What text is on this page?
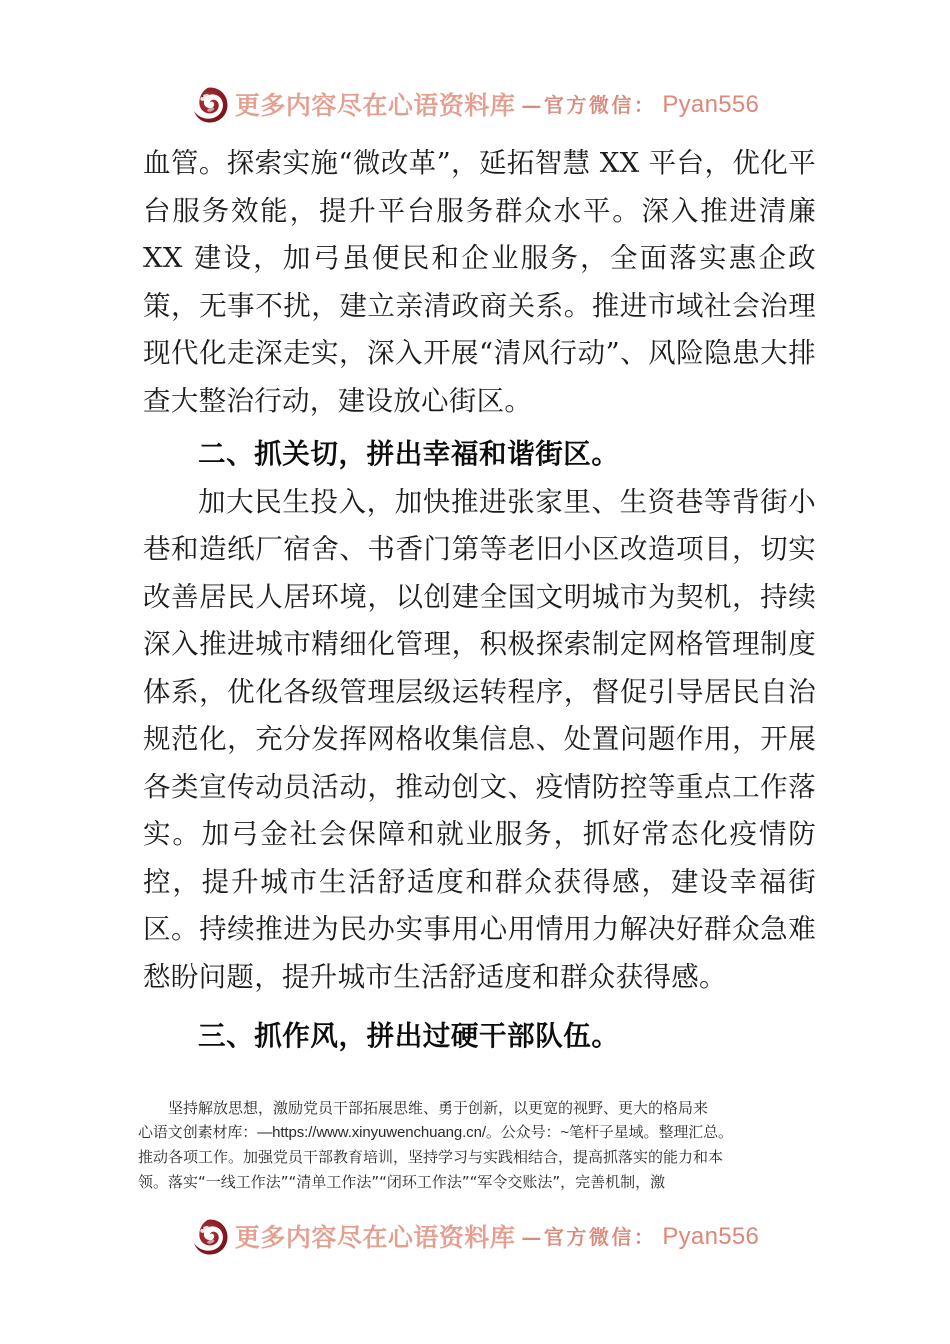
更多内容尽在心语资料库 —官方微信： Pyan556

血管。探索实施“微改革”，延拓智慧 XX 平台，优化平台服务效能，提升平台服务群众水平。深入推进清廉 XX 建设，加弓虽便民和企业服务，全面落实惠企政策，无事不扰，建立亲清政商关系。推进市域社会治理现代化走深走实，深入开展“清风行动”、风险隐患大排查大整治行动，建设放心街区。

二、抓关切，拼出幸福和谐街区。

加大民生投入，加快推进张家里、生资巷等背街小巷和造纸厂宿舍、书香门第等老旧小区改造项目，切实改善居民人居环境，以创建全国文明城市为契机，持续深入推进城市精细化管理，积极探索制定网格管理制度体系，优化各级管理层级运转程序，督促引导居民自治规范化，充分发挥网格收集信息、处置问题作用，开展各类宣传动员活动，推动创文、疫情防控等重点工作落实。加弓金社会保障和就业服务，抓好常态化疫情防控，提升城市生活舒适度和群众获得感，建设幸福街区。持续推进为民办实事用心用情用力解决好群众急难愁盼问题，提升城市生活舒适度和群众获得感。

三、抓作风，拼出过硬干部队伍。

坚持解放思想，激励党员干部拓展思维、勇于创新，以更宽的视野、更大的格局来

心语文创素材库：—https://www.xinyuwenchuang.cn/。公众号：~笔杆子星域。整理汇总。

推动各项工作。加强党员干部教育培训，坚持学习与实践相结合，提高抓落实的能力和本

领。落实“一线工作法”“清单工作法”“闭环工作法”“军令交账法”，完善机制，激

更多内容尽在心语资料库 —官方微信： Pyan556
